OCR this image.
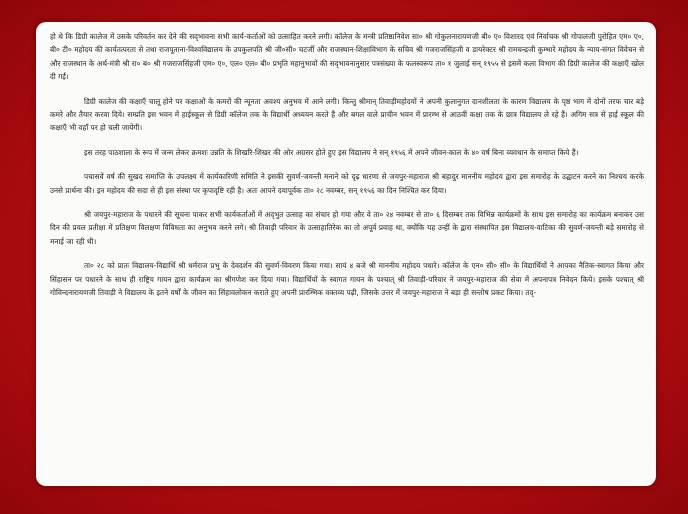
हो थे कि डिग्री कालेज में उसके परिवर्तन कर देने की सद्‌भावना सभी कार्य-कर्ताओं को उत्साहित करने लगी। कॉलेज के मन्त्री प्रतिष्ठानिवेश सा० श्री गोकुलनारायणजी बी० ए० विशारद एवं निर्वाचक श्री गोपालजी पुरोहित एम० ए०, बी० टी० महोदय की कार्यतत्परता से तथा राजपूताना-विश्वविद्यालय के उपकुलपति श्री जी०सी० चटर्जी और राजस्थान-शिक्षाविभाग के सचिव श्री गजराजसिंहजी व डायरेक्टर श्री रामचन्द्रजी कुम्भारे महोदय के न्याय-संगत विवेचन से और राजस्थान के अर्थ-मंत्री श्री रा० ब० श्री गजराजसिंहजी एम० ए०, एल० एल० बी० प्रभृति महानुभावों की सद्‌भावनानुसार पत्रसंख्या के फलस्वरूप ता० १ जुलाई सन् १९५५ से इसमें कला विभाग की डिग्री कालेज की कक्षाएँ खोल दी गईं।

डिग्री कालेज की कक्षाएँ चालू होने पर कक्षाओं के कमरों की न्यूनता अवश्य अनुभव में आने लगी। किन्तु श्रीमान् तिवाड़ीमहोदयों ने अपनी कुलानुगत दानशीलता के कारण विद्यालय के पृष्ठ भाग में दोनों तरफ चार बड़े कमरे और तैयार करवा दिये। सम्प्रति इस भवन में हाईस्कूल से डिग्री कॉलेज तक के विद्यार्थी अध्ययन करते हैं और बगल वाले प्राचीन भवन में प्रारम्भ से आठवीं कक्षा तक के छात्र विद्यालय ले रहे हैं। अगिम सत्र से हाई स्कूल की कक्षाएँ भी वहाँ पर हो चली जायेंगी।

इस तरह पाठशाला के रूप में जन्म लेकर क्रमशः उन्नति के शिखरि-शिखर की ओर अग्रसर होते हुए इस विद्यालय ने सन् १९५६ में अपने जीवन-काल के ४० वर्ष बिना व्यवधान के समाप्त किये हैं।

पचासवें वर्ष की सुखद समाप्ति के उपलक्ष्य में कार्यकारिणी समिति ने इसकी सुवर्ण-जयन्ती मनाने को दृढ़ धारणा से जयपुर-महाराज श्री बहादुर माननीय महोदय द्वारा इस समारोह के उद्घाटन करने का निश्चय करके उनसे प्रार्थना की। इन महोदय की सदा से ही इस संस्था पर कृपादृष्टि रही है। अतः आपने दयापूर्वक ता० २८ नवम्बर, सन् १९५६ का दिन निश्चित कर दिया।

श्री जयपुर-महाराज के पधारने की सूचना पाकर सभी कार्यकर्ताओं में अद्‌भुत उत्साह का संचार हो गया और वे ता० २४ नवम्बर से ता० ६ दिसम्बर तक विभिन्न कार्यक्रमों के साथ इस समारोह का कार्यक्रम बनाकर उस दिन की प्रवल प्रतीक्षा में प्रतिक्षण विलक्षण विविधता का अनुभव करने लगे। श्री तिवाड़ी परिवार के उत्साहातिरेक का तो अपूर्व प्रवाह था, क्योंकि यह उन्हीं के द्वारा संस्थापित इस विद्यालय-वाटिका की सुवर्ण-जयन्ती बड़े समारोह से मनाई जा रही थी।

ता० २८ को प्रातः विद्यालय-विद्यार्थि श्री धर्मराज प्रभु के देवदर्शन की सुवर्ण-विवरण किया गया। सायं ४ बजे श्री माननीय महोदय पधारे। कॉलेज के एन० सी० सी० के विद्यार्थियों ने आपका नैतिक-स्वागत किया और सिंहासन पर पधारने के साथ ही राष्ट्रिय गायन द्वारा कार्यक्रम का श्रीगणेश कर दिया गया। विद्यार्थियों के स्वागत गायन के पश्चात् श्री तिवाड़ी-परिवार ने जयपुर-महाराज की सेवा में अपनापत्र निवेदन किये। इसके पश्चात् श्री गोविन्दनारायणजी तिवाड़ी ने विद्यालय के इतने वर्षों के जीवन का सिंहावलोकन कराते हुए अपनी प्रारम्भिक वक्तव्य पढ़ी, जिसके उत्तर में जयपुर-महाराज ने बड़ा ही सन्तोष प्रकट किया। तद्-
